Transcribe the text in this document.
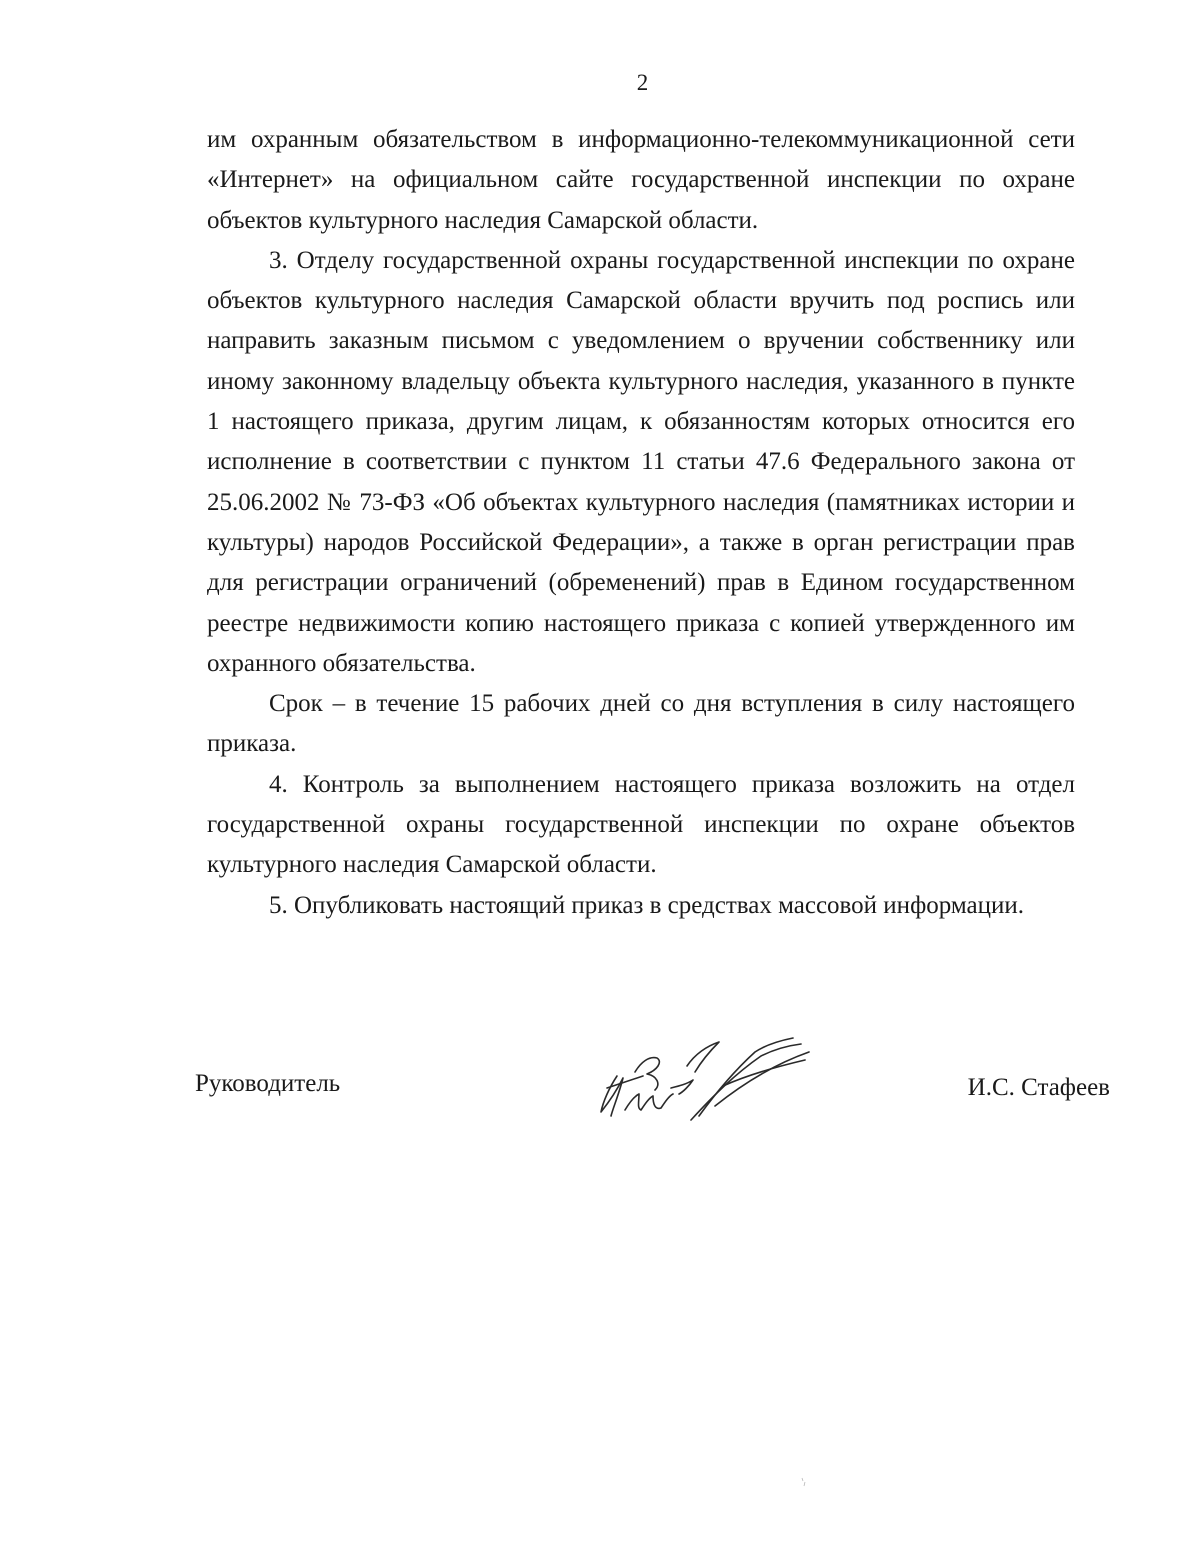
2

им охранным обязательством в информационно-телекоммуникационной сети «Интернет» на официальном сайте государственной инспекции по охране объектов культурного наследия Самарской области.

3. Отделу государственной охраны государственной инспекции по охране объектов культурного наследия Самарской области вручить под роспись или направить заказным письмом с уведомлением о вручении собственнику или иному законному владельцу объекта культурного наследия, указанного в пункте 1 настоящего приказа, другим лицам, к обязанностям которых относится его исполнение в соответствии с пунктом 11 статьи 47.6 Федерального закона от 25.06.2002 № 73-ФЗ «Об объектах культурного наследия (памятниках истории и культуры) народов Российской Федерации», а также в орган регистрации прав для регистрации ограничений (обременений) прав в Едином государственном реестре недвижимости копию настоящего приказа с копией утвержденного им охранного обязательства.

Срок – в течение 15 рабочих дней со дня вступления в силу настоящего приказа.

4. Контроль за выполнением настоящего приказа возложить на отдел государственной охраны государственной инспекции по охране объектов культурного наследия Самарской области.

5. Опубликовать настоящий приказ в средствах массовой информации.

Руководитель	И.С. Стафеев
